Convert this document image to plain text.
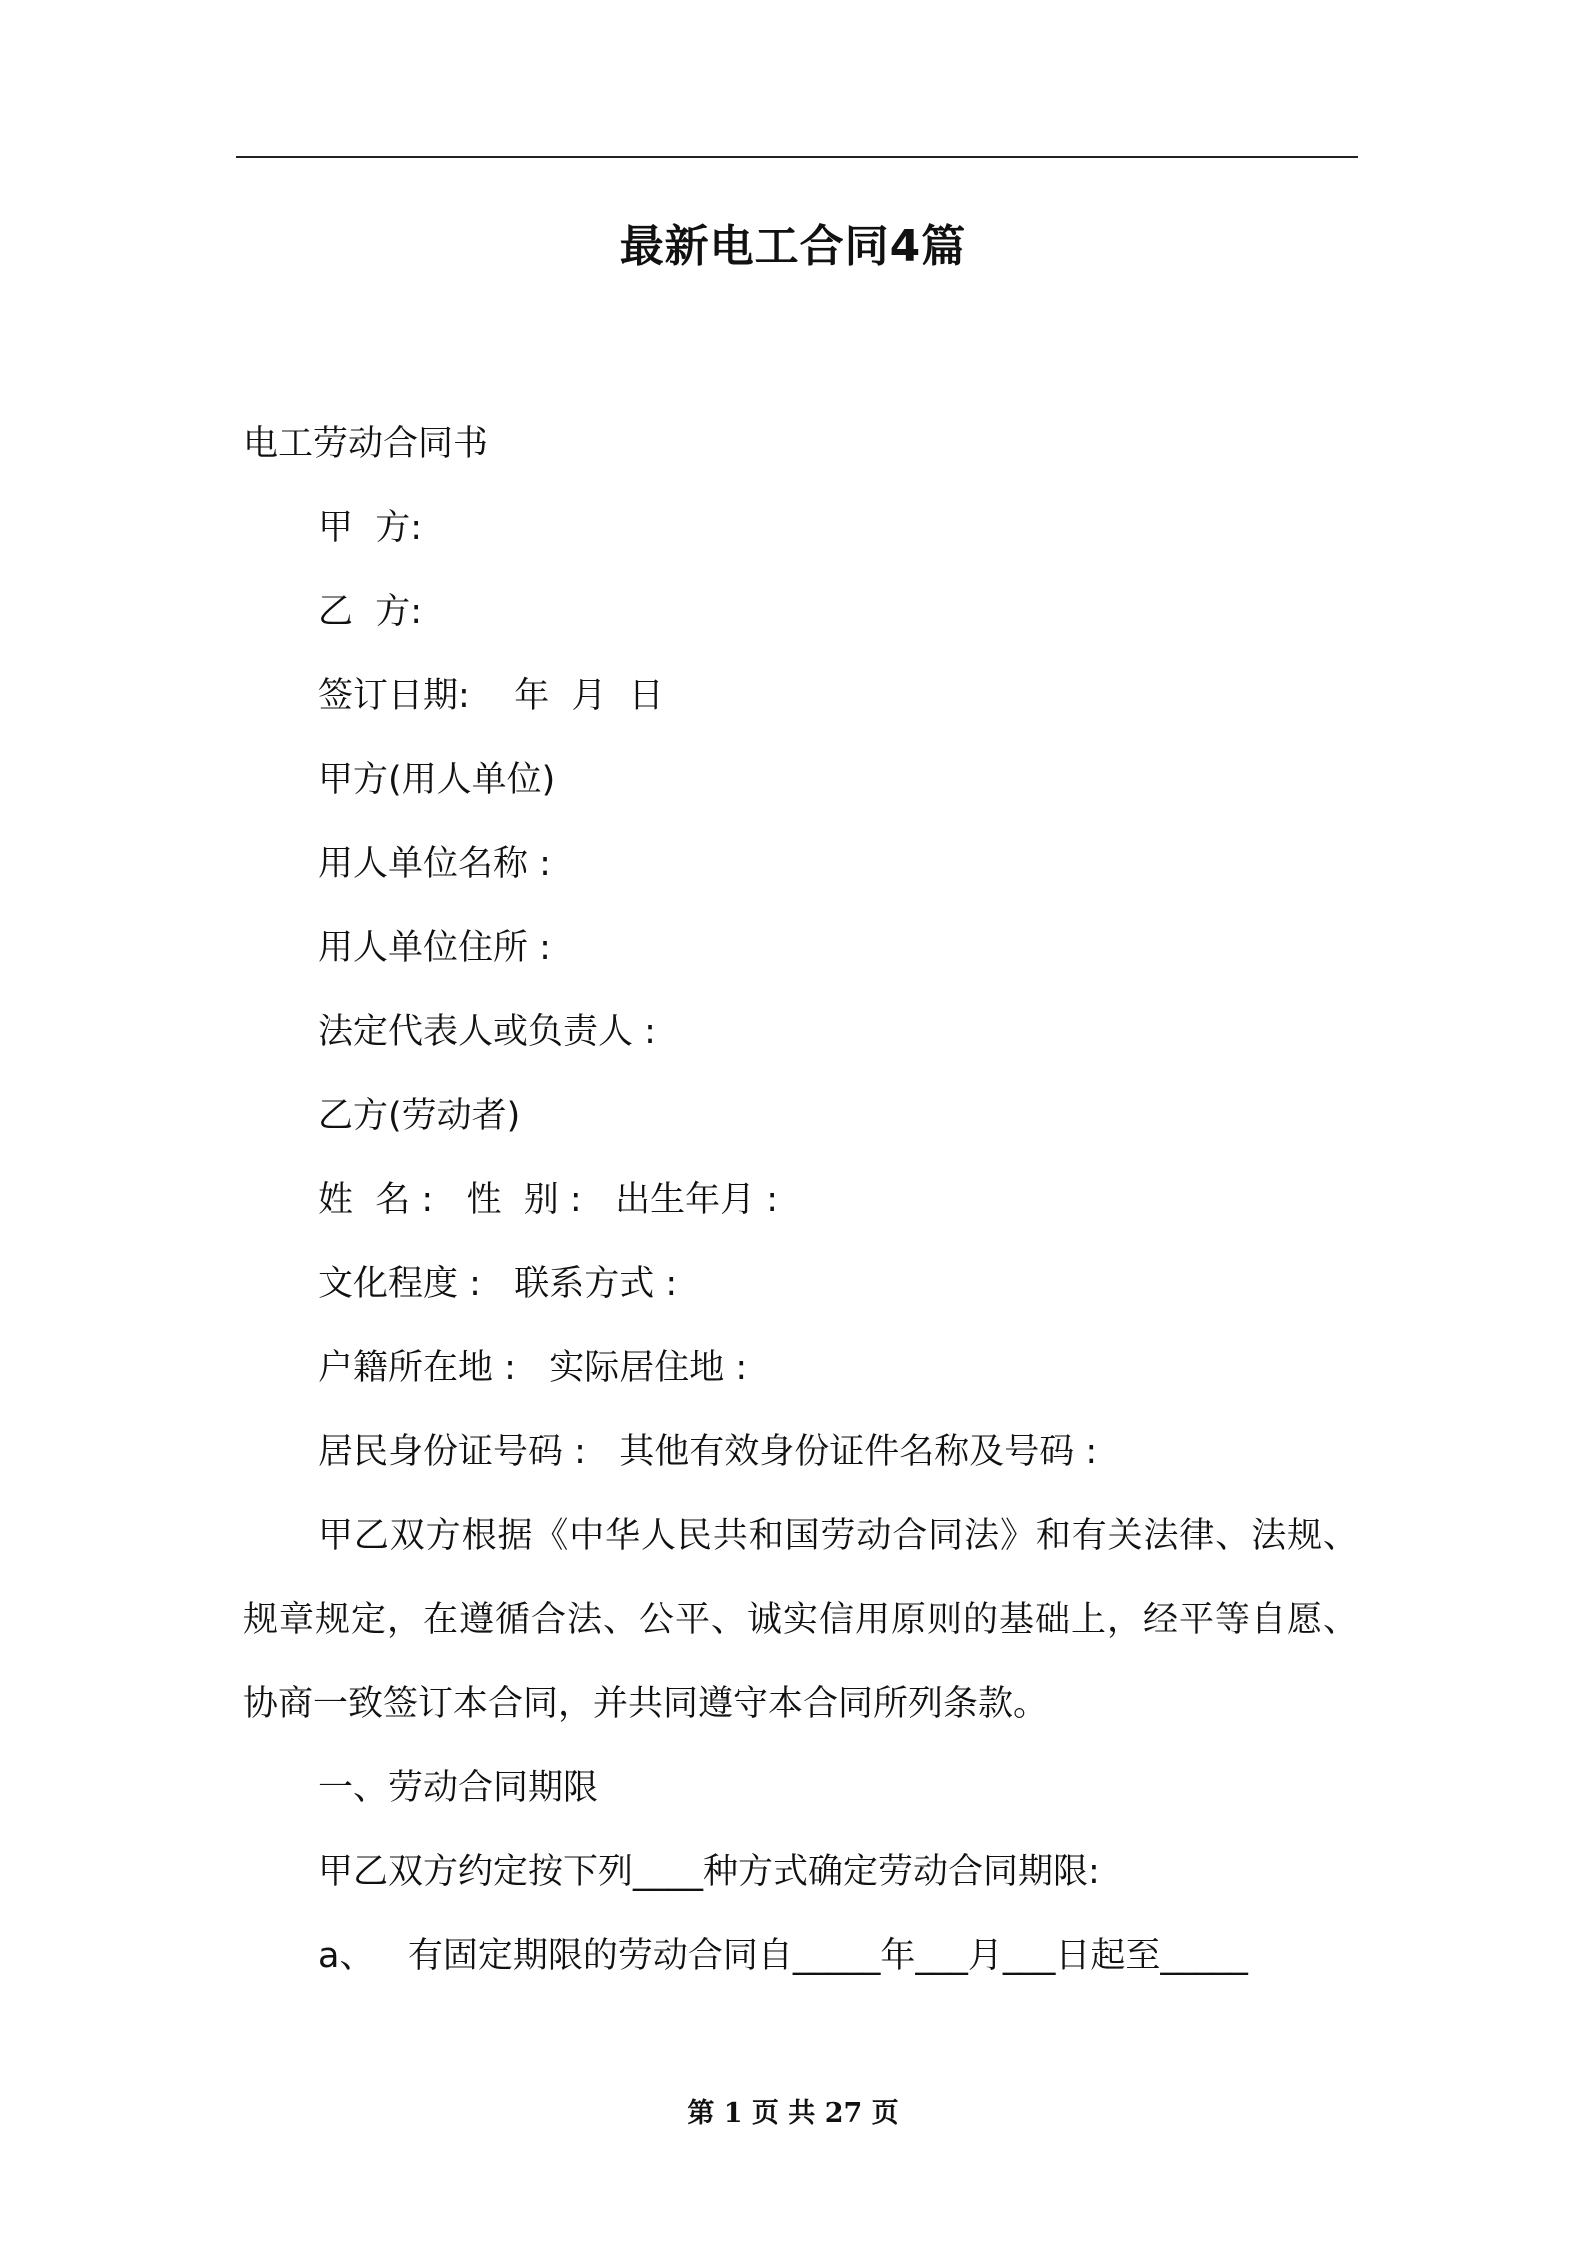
最新电工合同4篇
电工劳动合同书
甲  方:
乙  方:
签订日期:    年  月  日
甲方(用人单位)
用人单位名称 :
用人单位住所 :
法定代表人或负责人 :
乙方(劳动者)
姓  名 :   性  别 :   出生年月 :
文化程度 :   联系方式 :
户籍所在地 :   实际居住地 :
居民身份证号码 :   其他有效身份证件名称及号码 :
甲乙双方根据《中华人民共和国劳动合同法》和有关法律、法规、规章规定，在遵循合法、公平、诚实信用原则的基础上，经平等自愿、协商一致签订本合同，并共同遵守本合同所列条款。
一、劳动合同期限
甲乙双方约定按下列____种方式确定劳动合同期限:
a、   有固定期限的劳动合同自_____年___月___日起至_____
第 1 页 共 27 页
